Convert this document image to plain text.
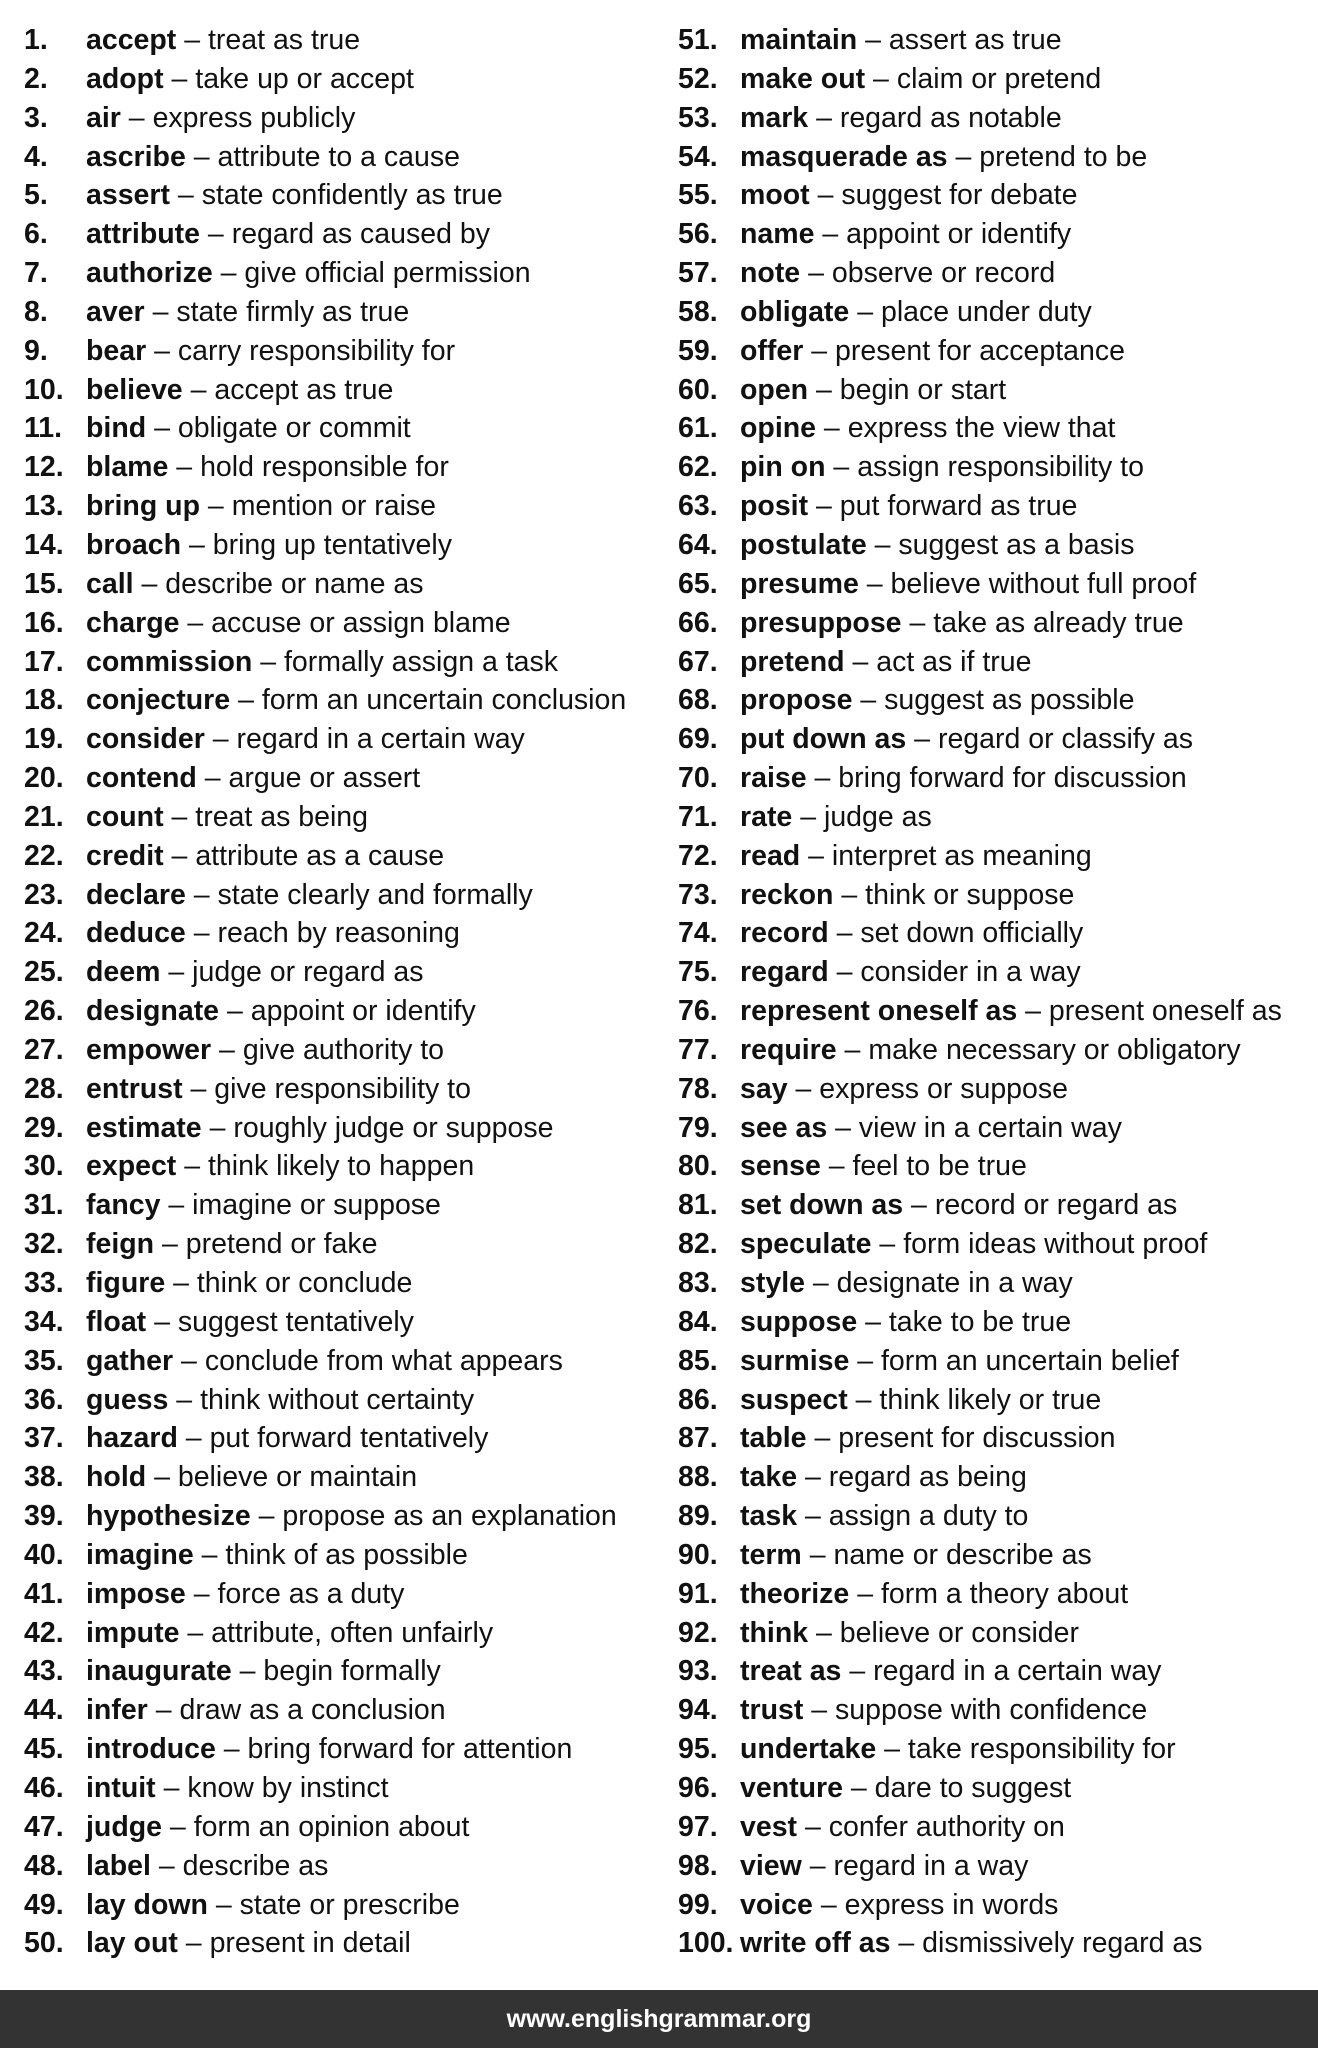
1. accept – treat as true
2. adopt – take up or accept
3. air – express publicly
4. ascribe – attribute to a cause
5. assert – state confidently as true
6. attribute – regard as caused by
7. authorize – give official permission
8. aver – state firmly as true
9. bear – carry responsibility for
10. believe – accept as true
11. bind – obligate or commit
12. blame – hold responsible for
13. bring up – mention or raise
14. broach – bring up tentatively
15. call – describe or name as
16. charge – accuse or assign blame
17. commission – formally assign a task
18. conjecture – form an uncertain conclusion
19. consider – regard in a certain way
20. contend – argue or assert
21. count – treat as being
22. credit – attribute as a cause
23. declare – state clearly and formally
24. deduce – reach by reasoning
25. deem – judge or regard as
26. designate – appoint or identify
27. empower – give authority to
28. entrust – give responsibility to
29. estimate – roughly judge or suppose
30. expect – think likely to happen
31. fancy – imagine or suppose
32. feign – pretend or fake
33. figure – think or conclude
34. float – suggest tentatively
35. gather – conclude from what appears
36. guess – think without certainty
37. hazard – put forward tentatively
38. hold – believe or maintain
39. hypothesize – propose as an explanation
40. imagine – think of as possible
41. impose – force as a duty
42. impute – attribute, often unfairly
43. inaugurate – begin formally
44. infer – draw as a conclusion
45. introduce – bring forward for attention
46. intuit – know by instinct
47. judge – form an opinion about
48. label – describe as
49. lay down – state or prescribe
50. lay out – present in detail
51. maintain – assert as true
52. make out – claim or pretend
53. mark – regard as notable
54. masquerade as – pretend to be
55. moot – suggest for debate
56. name – appoint or identify
57. note – observe or record
58. obligate – place under duty
59. offer – present for acceptance
60. open – begin or start
61. opine – express the view that
62. pin on – assign responsibility to
63. posit – put forward as true
64. postulate – suggest as a basis
65. presume – believe without full proof
66. presuppose – take as already true
67. pretend – act as if true
68. propose – suggest as possible
69. put down as – regard or classify as
70. raise – bring forward for discussion
71. rate – judge as
72. read – interpret as meaning
73. reckon – think or suppose
74. record – set down officially
75. regard – consider in a way
76. represent oneself as – present oneself as
77. require – make necessary or obligatory
78. say – express or suppose
79. see as – view in a certain way
80. sense – feel to be true
81. set down as – record or regard as
82. speculate – form ideas without proof
83. style – designate in a way
84. suppose – take to be true
85. surmise – form an uncertain belief
86. suspect – think likely or true
87. table – present for discussion
88. take – regard as being
89. task – assign a duty to
90. term – name or describe as
91. theorize – form a theory about
92. think – believe or consider
93. treat as – regard in a certain way
94. trust – suppose with confidence
95. undertake – take responsibility for
96. venture – dare to suggest
97. vest – confer authority on
98. view – regard in a way
99. voice – express in words
100. write off as – dismissively regard as
www.englishgrammar.org
